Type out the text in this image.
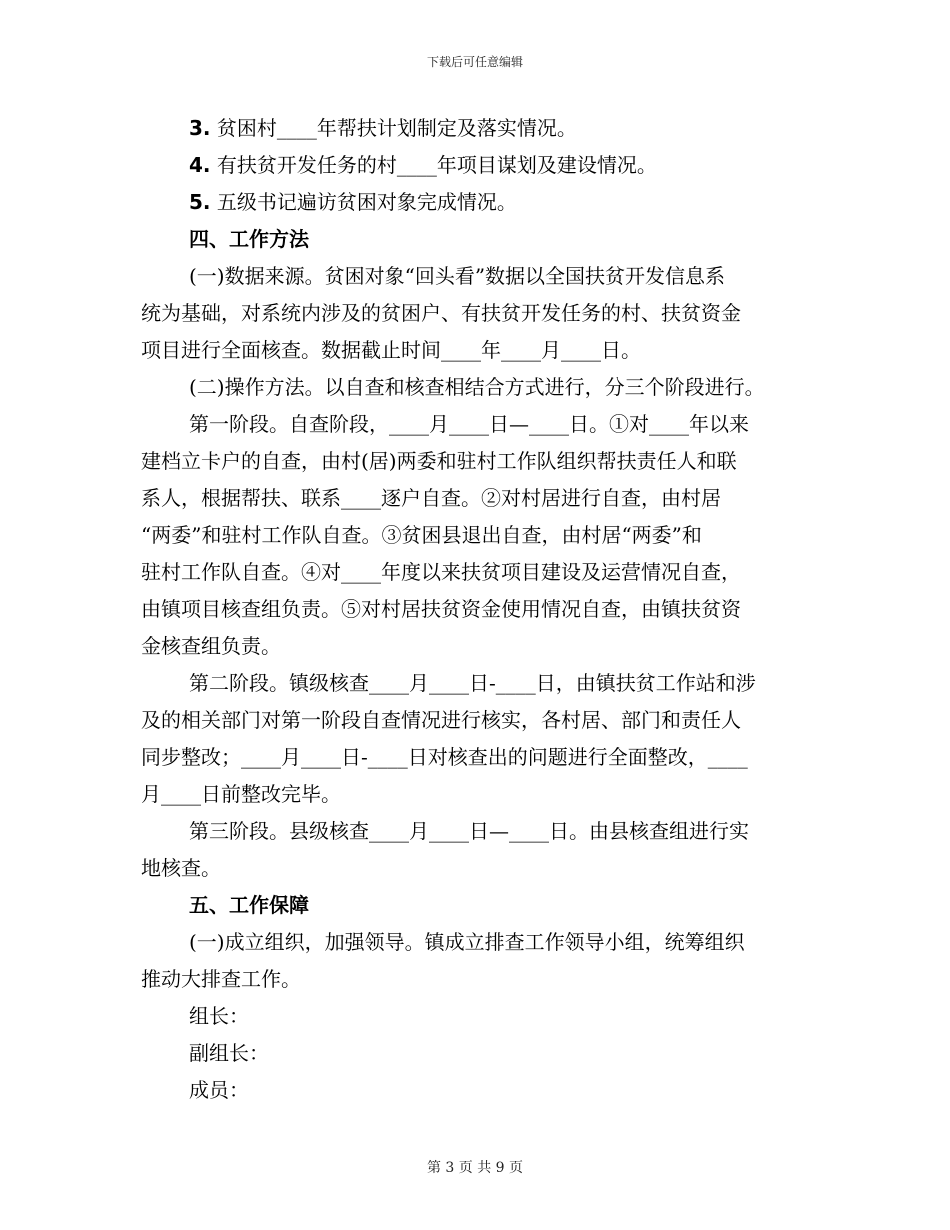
下载后可任意编辑
3. 贫困村____年帮扶计划制定及落实情况。
4. 有扶贫开发任务的村____年项目谋划及建设情况。
5. 五级书记遍访贫困对象完成情况。
四、工作方法
(一)数据来源。贫困对象“回头看”数据以全国扶贫开发信息系
统为基础，对系统内涉及的贫困户、有扶贫开发任务的村、扶贫资金
项目进行全面核查。数据截止时间____年____月____日。
(二)操作方法。以自查和核查相结合方式进行，分三个阶段进行。
第一阶段。自查阶段，____月____日—____日。①对____年以来
建档立卡户的自查，由村(居)两委和驻村工作队组织帮扶责任人和联
系人，根据帮扶、联系____逐户自查。②对村居进行自查，由村居
“两委”和驻村工作队自查。③贫困县退出自查，由村居“两委”和
驻村工作队自查。④对____年度以来扶贫项目建设及运营情况自查，
由镇项目核查组负责。⑤对村居扶贫资金使用情况自查，由镇扶贫资
金核查组负责。
第二阶段。镇级核查____月____日-____日，由镇扶贫工作站和涉
及的相关部门对第一阶段自查情况进行核实，各村居、部门和责任人
同步整改；____月____日-____日对核查出的问题进行全面整改，____
月____日前整改完毕。
第三阶段。县级核查____月____日—____日。由县核查组进行实
地核查。
五、工作保障
(一)成立组织，加强领导。镇成立排查工作领导小组，统筹组织
推动大排查工作。
组长：
副组长：
成员：
第 3 页 共 9 页
